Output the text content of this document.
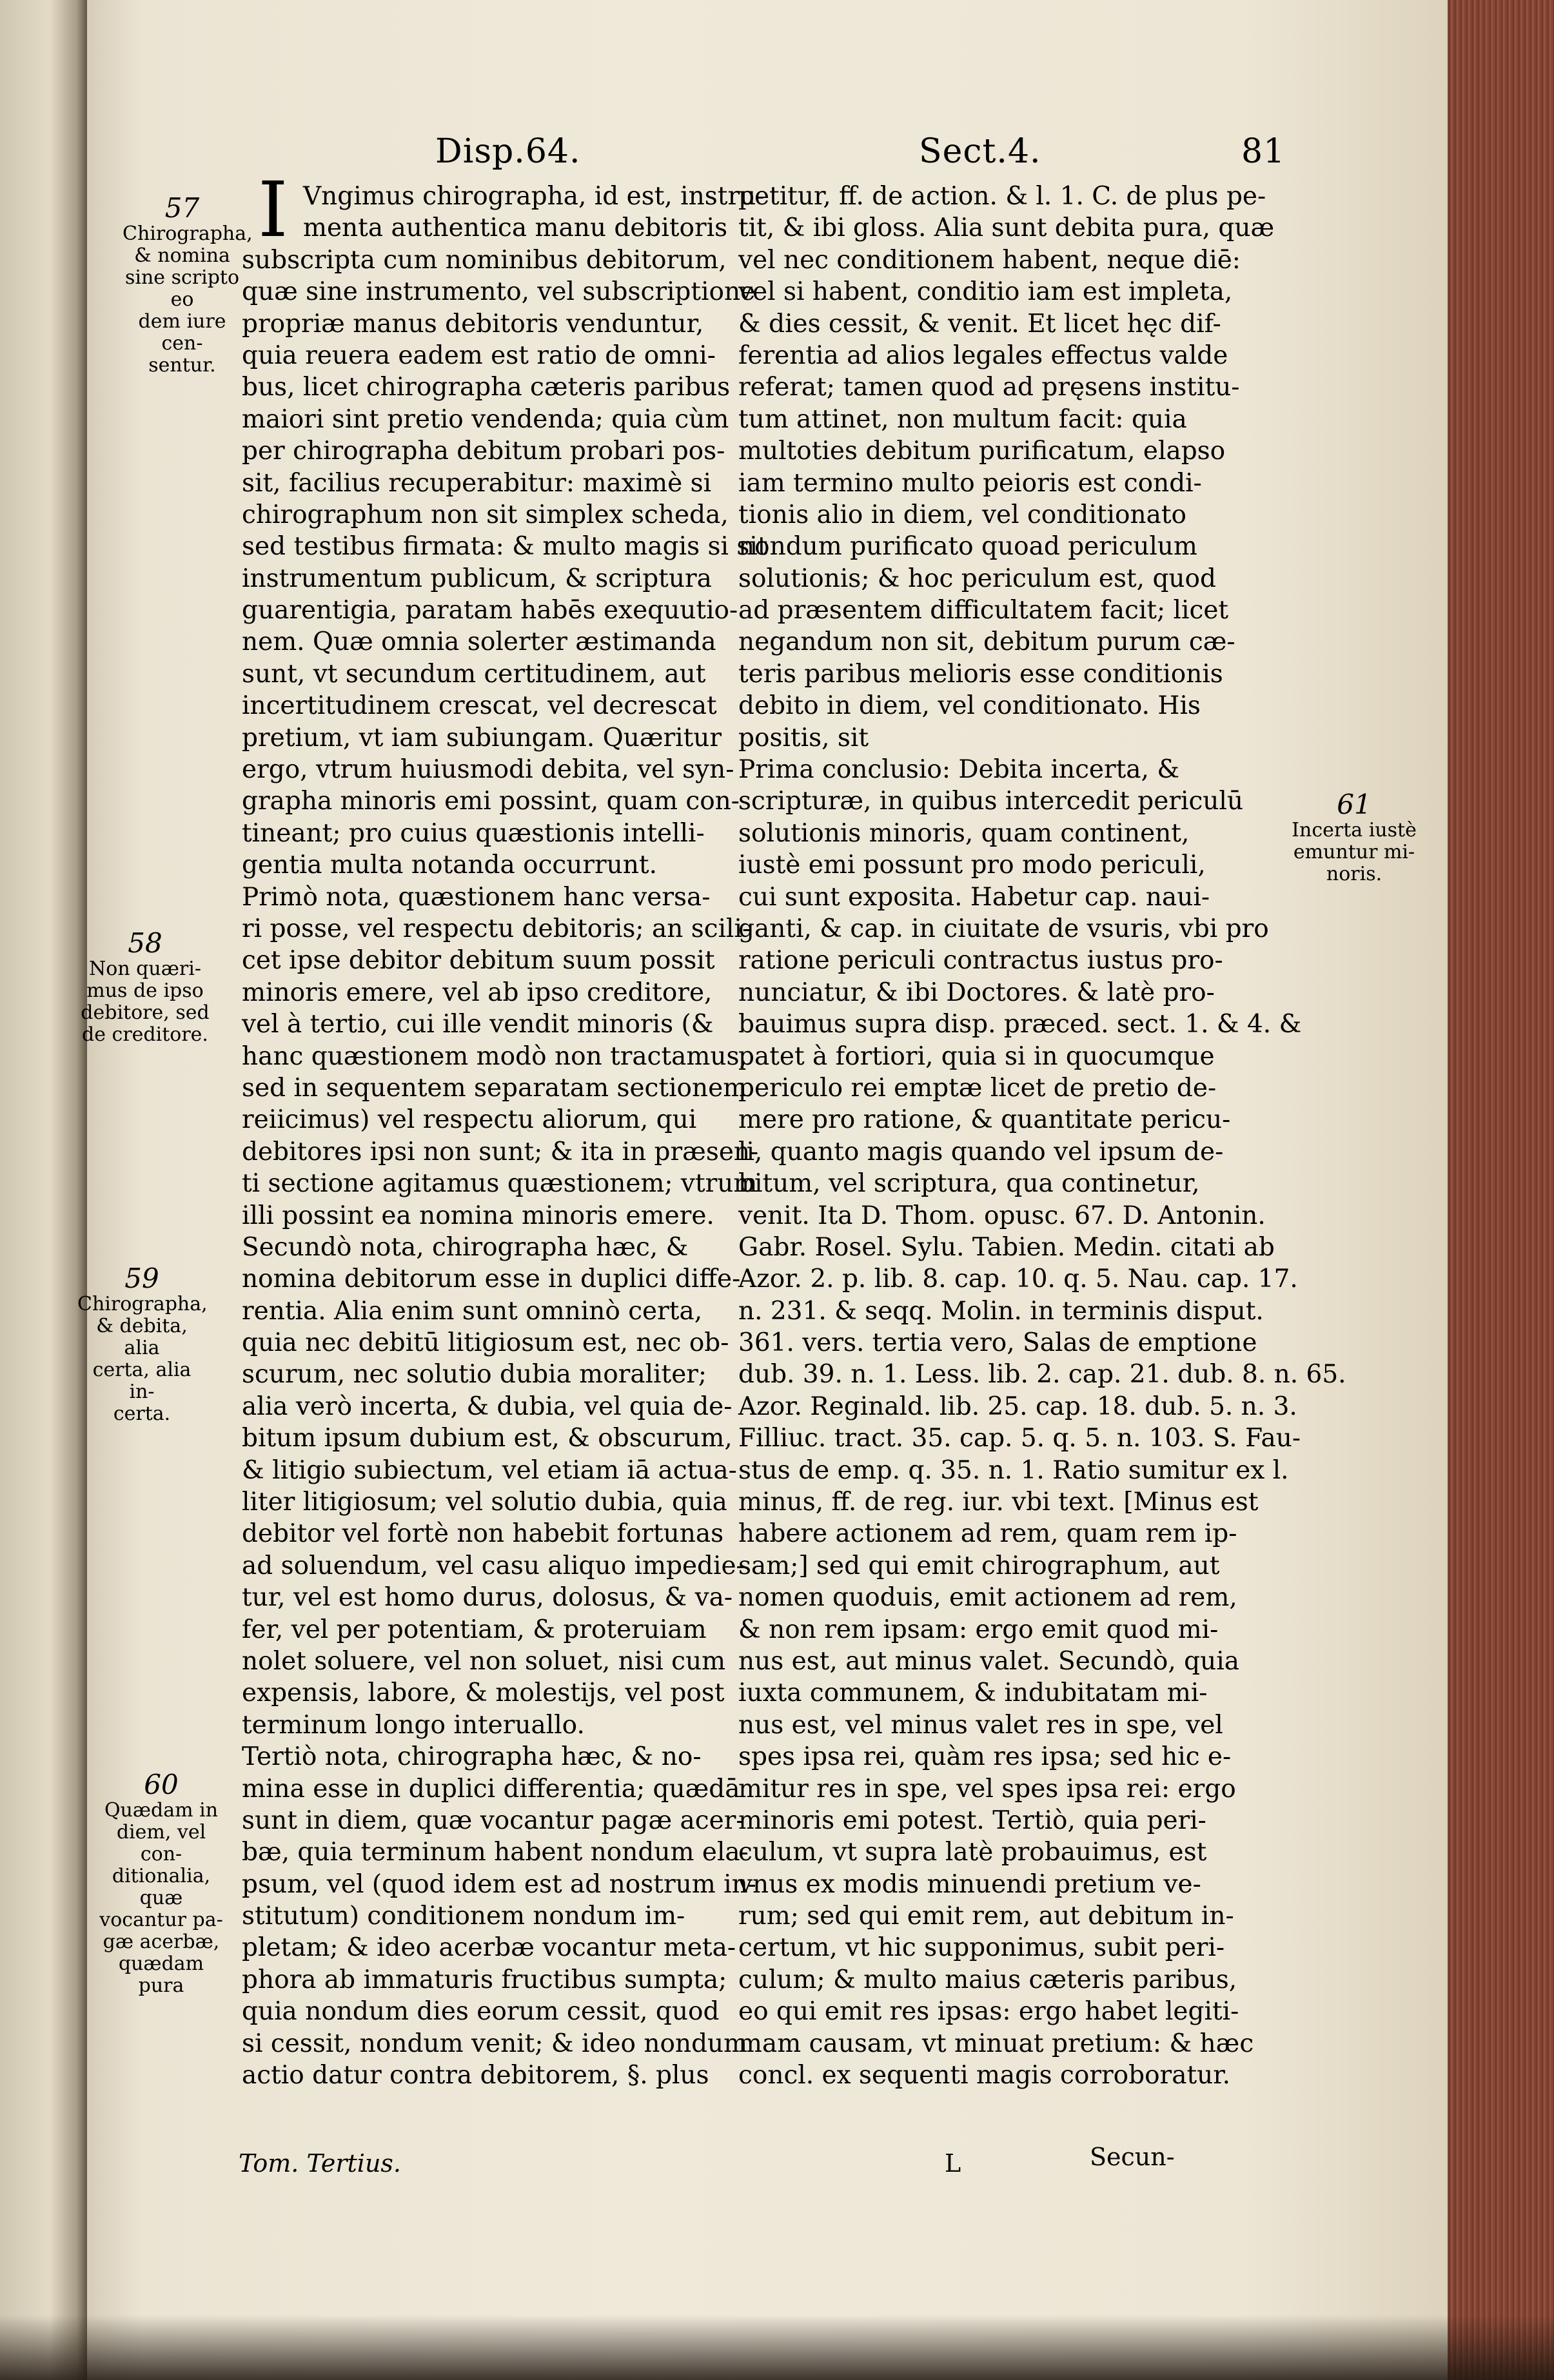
Disp.64.	Sect.4.	81
I Vngimus chirographa, id est, instru-
menta authentica manu debitoris
subscripta cum nominibus debitorum,
quæ sine instrumento, vel subscriptione
propriæ manus debitoris venduntur,
quia reuera eadem est ratio de omni-
bus, licet chirographa cæteris paribus
maiori sint pretio vendenda; quia cùm
per chirographa debitum probari pos-
sit, facilius recuperabitur: maximè si
chirographum non sit simplex scheda,
sed testibus firmata: & multo magis si sit
instrumentum publicum, & scriptura
guarentigia, paratam habēs exequutio-
nem. Quæ omnia solerter æstimanda
sunt, vt secundum certitudinem, aut
incertitudinem crescat, vel decrescat
pretium, vt iam subiungam. Quæritur
ergo, vtrum huiusmodi debita, vel syn-
grapha minoris emi possint, quam con-
tineant; pro cuius quæstionis intelli-
gentia multa notanda occurrunt.
Primò nota, quæstionem hanc versa-
ri posse, vel respectu debitoris; an scili-
cet ipse debitor debitum suum possit
minoris emere, vel ab ipso creditore,
vel à tertio, cui ille vendit minoris (&
hanc quæstionem modò non tractamus,
sed in sequentem separatam sectionem
reiicimus) vel respectu aliorum, qui
debitores ipsi non sunt; & ita in præsen-
ti sectione agitamus quæstionem; vtrum
illi possint ea nomina minoris emere.
Secundò nota, chirographa hæc, &
nomina debitorum esse in duplici diffe-
rentia. Alia enim sunt omninò certa,
quia nec debitū litigiosum est, nec ob-
scurum, nec solutio dubia moraliter;
alia verò incerta, & dubia, vel quia de-
bitum ipsum dubium est, & obscurum,
& litigio subiectum, vel etiam iā actua-
liter litigiosum; vel solutio dubia, quia
debitor vel fortè non habebit fortunas
ad soluendum, vel casu aliquo impedie-
tur, vel est homo durus, dolosus, & va-
fer, vel per potentiam, & proteruiam
nolet soluere, vel non soluet, nisi cum
expensis, labore, & molestijs, vel post
terminum longo interuallo.
Tertiò nota, chirographa hæc, & no-
mina esse in duplici differentia; quædā
sunt in diem, quæ vocantur pagæ acer-
bæ, quia terminum habent nondum ela-
psum, vel (quod idem est ad nostrum in-
stitutum) conditionem nondum im-
pletam; & ideo acerbæ vocantur meta-
phora ab immaturis fructibus sumpta;
quia nondum dies eorum cessit, quod
si cessit, nondum venit; & ideo nondum
actio datur contra debitorem, §. plus
petitur, ff. de action. & l. 1. C. de plus pe-
tit, & ibi gloss. Alia sunt debita pura, quæ
vel nec conditionem habent, neque diē:
vel si habent, conditio iam est impleta,
& dies cessit, & venit. Et licet hęc dif-
ferentia ad alios legales effectus valde
referat; tamen quod ad pręsens institu-
tum attinet, non multum facit: quia
multoties debitum purificatum, elapso
iam termino multo peioris est condi-
tionis alio in diem, vel conditionato
nondum purificato quoad periculum
solutionis; & hoc periculum est, quod
ad præsentem difficultatem facit; licet
negandum non sit, debitum purum cæ-
teris paribus melioris esse conditionis
debito in diem, vel conditionato. His
positis, sit
Prima conclusio: Debita incerta, &
scripturæ, in quibus intercedit periculū
solutionis minoris, quam continent,
iustè emi possunt pro modo periculi,
cui sunt exposita. Habetur cap. naui-
ganti, & cap. in ciuitate de vsuris, vbi pro
ratione periculi contractus iustus pro-
nunciatur, & ibi Doctores. & latè pro-
bauimus supra disp. præced. sect. 1. & 4. &
patet à fortiori, quia si in quocumque
periculo rei emptæ licet de pretio de-
mere pro ratione, & quantitate pericu-
li, quanto magis quando vel ipsum de-
bitum, vel scriptura, qua continetur,
venit. Ita D. Thom. opusc. 67. D. Antonin.
Gabr. Rosel. Sylu. Tabien. Medin. citati ab
Azor. 2. p. lib. 8. cap. 10. q. 5. Nau. cap. 17.
n. 231. & seqq. Molin. in terminis disput.
361. vers. tertia vero, Salas de emptione
dub. 39. n. 1. Less. lib. 2. cap. 21. dub. 8. n. 65.
Azor. Reginald. lib. 25. cap. 18. dub. 5. n. 3.
Filliuc. tract. 35. cap. 5. q. 5. n. 103. S. Fau-
stus de emp. q. 35. n. 1. Ratio sumitur ex l.
minus, ff. de reg. iur. vbi text. [Minus est
habere actionem ad rem, quam rem ip-
sam;] sed qui emit chirographum, aut
nomen quoduis, emit actionem ad rem,
& non rem ipsam: ergo emit quod mi-
nus est, aut minus valet. Secundò, quia
iuxta communem, & indubitatam mi-
nus est, vel minus valet res in spe, vel
spes ipsa rei, quàm res ipsa; sed hic e-
mitur res in spe, vel spes ipsa rei: ergo
minoris emi potest. Tertiò, quia peri-
culum, vt supra latè probauimus, est
vnus ex modis minuendi pretium ve-
rum; sed qui emit rem, aut debitum in-
certum, vt hic supponimus, subit peri-
culum; & multo maius cæteris paribus,
eo qui emit res ipsas: ergo habet legiti-
mam causam, vt minuat pretium: & hæc
concl. ex sequenti magis corroboratur.
57
Chirographa,
& nomina
sine scripto eo
dem iure cen-
sentur.
58
Non quæri-
mus de ipso
debitore, sed
de creditore.
59
Chirographa,
& debita, alia
certa, alia in-
certa.
60
Quædam in
diem, vel con-
ditionalia, quæ
vocantur pa-
gæ acerbæ,
quædam pura
61
Incerta iustè
emuntur mi-
noris.
Tom. Tertius.	L	Secun-
